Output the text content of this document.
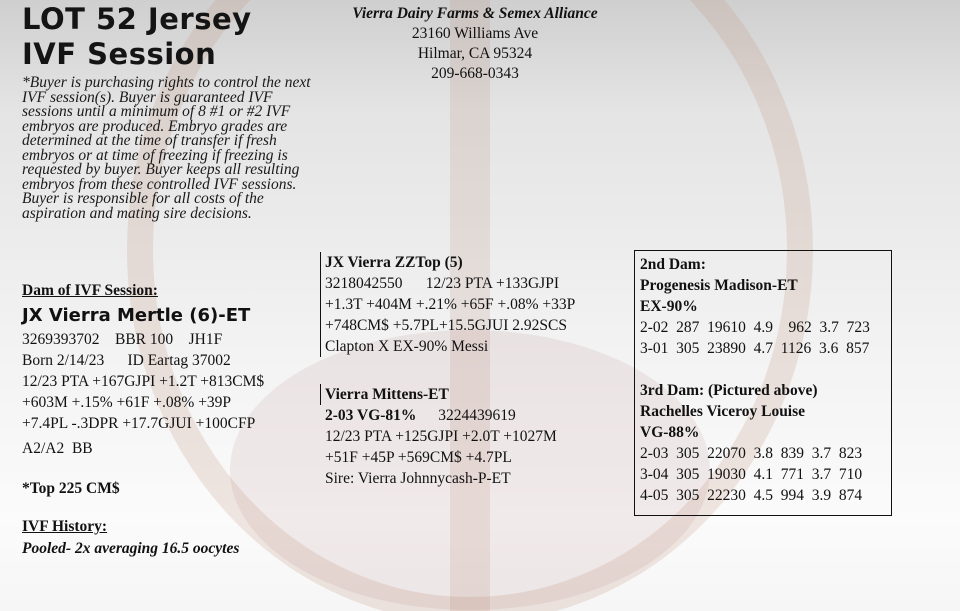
LOT 52 Jersey
IVF Session

*Buyer is purchasing rights to control the next IVF session(s). Buyer is guaranteed IVF sessions until a minimum of 8 #1 or #2 IVF embryos are produced. Embryo grades are determined at the time of transfer if fresh embryos or at time of freezing if freezing is requested by buyer. Buyer keeps all resulting embryos from these controlled IVF sessions. Buyer is responsible for all costs of the aspiration and mating sire decisions.

Vierra Dairy Farms & Semex Alliance
23160 Williams Ave
Hilmar, CA 95324
209-668-0343
Dam of IVF Session:
JX Vierra Mertle (6)-ET
3269393702    BBR 100    JH1F
Born 2/14/23      ID Eartag 37002
12/23 PTA +167GJPI +1.2T +813CM$
+603M +.15% +61F +.08% +39P
+7.4PL -.3DPR +17.7GJUI +100CFP
A2/A2  BB
*Top 225 CM$
IVF History:
Pooled- 2x averaging 16.5 oocytes
JX Vierra ZZTop (5)
3218042550      12/23 PTA +133GJPI
+1.3T +404M +.21% +65F +.08% +33P
+748CM$ +5.7PL+15.5GJUI 2.92SCS
Clapton X EX-90% Messi
Vierra Mittens-ET
2-03 VG-81% 3224439619
12/23 PTA +125GJPI +2.0T +1027M
+51F +45P +569CM$ +4.7PL
Sire: Vierra Johnnycash-P-ET
2nd Dam:
Progenesis Madison-ET
EX-90%
2-02  287  19610  4.9    962  3.7  723
3-01  305  23890  4.7  1126  3.6  857
3rd Dam: (Pictured above)
Rachelles Viceroy Louise
VG-88%
2-03  305  22070  3.8  839  3.7  823
3-04  305  19030  4.1  771  3.7  710
4-05  305  22230  4.5  994  3.9  874
